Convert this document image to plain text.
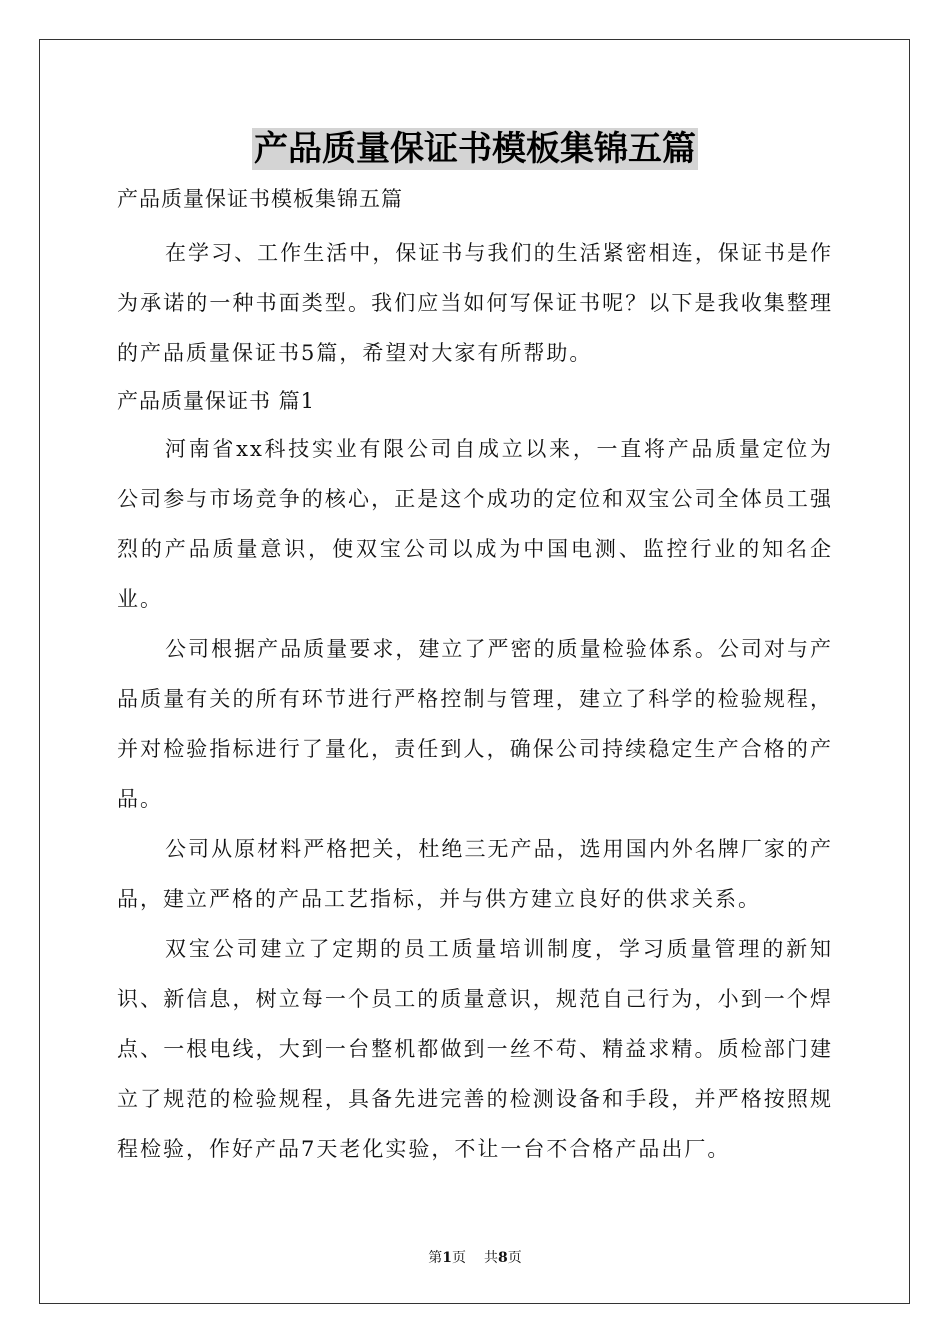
产品质量保证书模板集锦五篇

产品质量保证书模板集锦五篇

在学习、工作生活中，保证书与我们的生活紧密相连，保证书是作为承诺的一种书面类型。我们应当如何写保证书呢？以下是我收集整理的产品质量保证书5篇，希望对大家有所帮助。

产品质量保证书 篇1

河南省xx科技实业有限公司自成立以来，一直将产品质量定位为公司参与市场竞争的核心，正是这个成功的定位和双宝公司全体员工强烈的产品质量意识，使双宝公司以成为中国电测、监控行业的知名企业。

公司根据产品质量要求，建立了严密的质量检验体系。公司对与产品质量有关的所有环节进行严格控制与管理，建立了科学的检验规程，并对检验指标进行了量化，责任到人，确保公司持续稳定生产合格的产品。

公司从原材料严格把关，杜绝三无产品，选用国内外名牌厂家的产品，建立严格的产品工艺指标，并与供方建立良好的供求关系。

双宝公司建立了定期的员工质量培训制度，学习质量管理的新知识、新信息，树立每一个员工的质量意识，规范自己行为，小到一个焊点、一根电线，大到一台整机都做到一丝不苟、精益求精。质检部门建立了规范的检验规程，具备先进完善的检测设备和手段，并严格按照规程检验，作好产品7天老化实验，不让一台不合格产品出厂。

第1页 共8页
